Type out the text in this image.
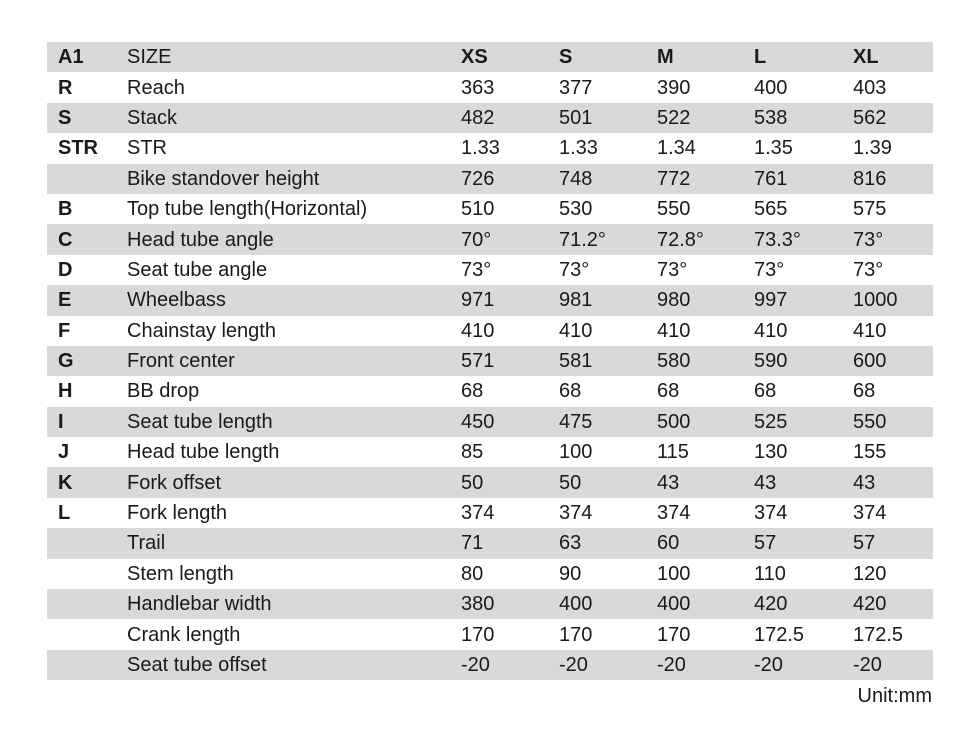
A1	SIZE	XS	S	M	L	XL
R	Reach	363	377	390	400	403
S	Stack	482	501	522	538	562
STR	STR	1.33	1.33	1.34	1.35	1.39
	Bike standover height	726	748	772	761	816
B	Top tube length(Horizontal)	510	530	550	565	575
C	Head tube angle	70°	71.2°	72.8°	73.3°	73°
D	Seat tube angle	73°	73°	73°	73°	73°
E	Wheelbass	971	981	980	997	1000
F	Chainstay length	410	410	410	410	410
G	Front center	571	581	580	590	600
H	BB drop	68	68	68	68	68
I	Seat tube length	450	475	500	525	550
J	Head tube length	85	100	115	130	155
K	Fork offset	50	50	43	43	43
L	Fork length	374	374	374	374	374
	Trail	71	63	60	57	57
	Stem length	80	90	100	110	120
	Handlebar width	380	400	400	420	420
	Crank length	170	170	170	172.5	172.5
	Seat tube offset	-20	-20	-20	-20	-20
Unit:mm
